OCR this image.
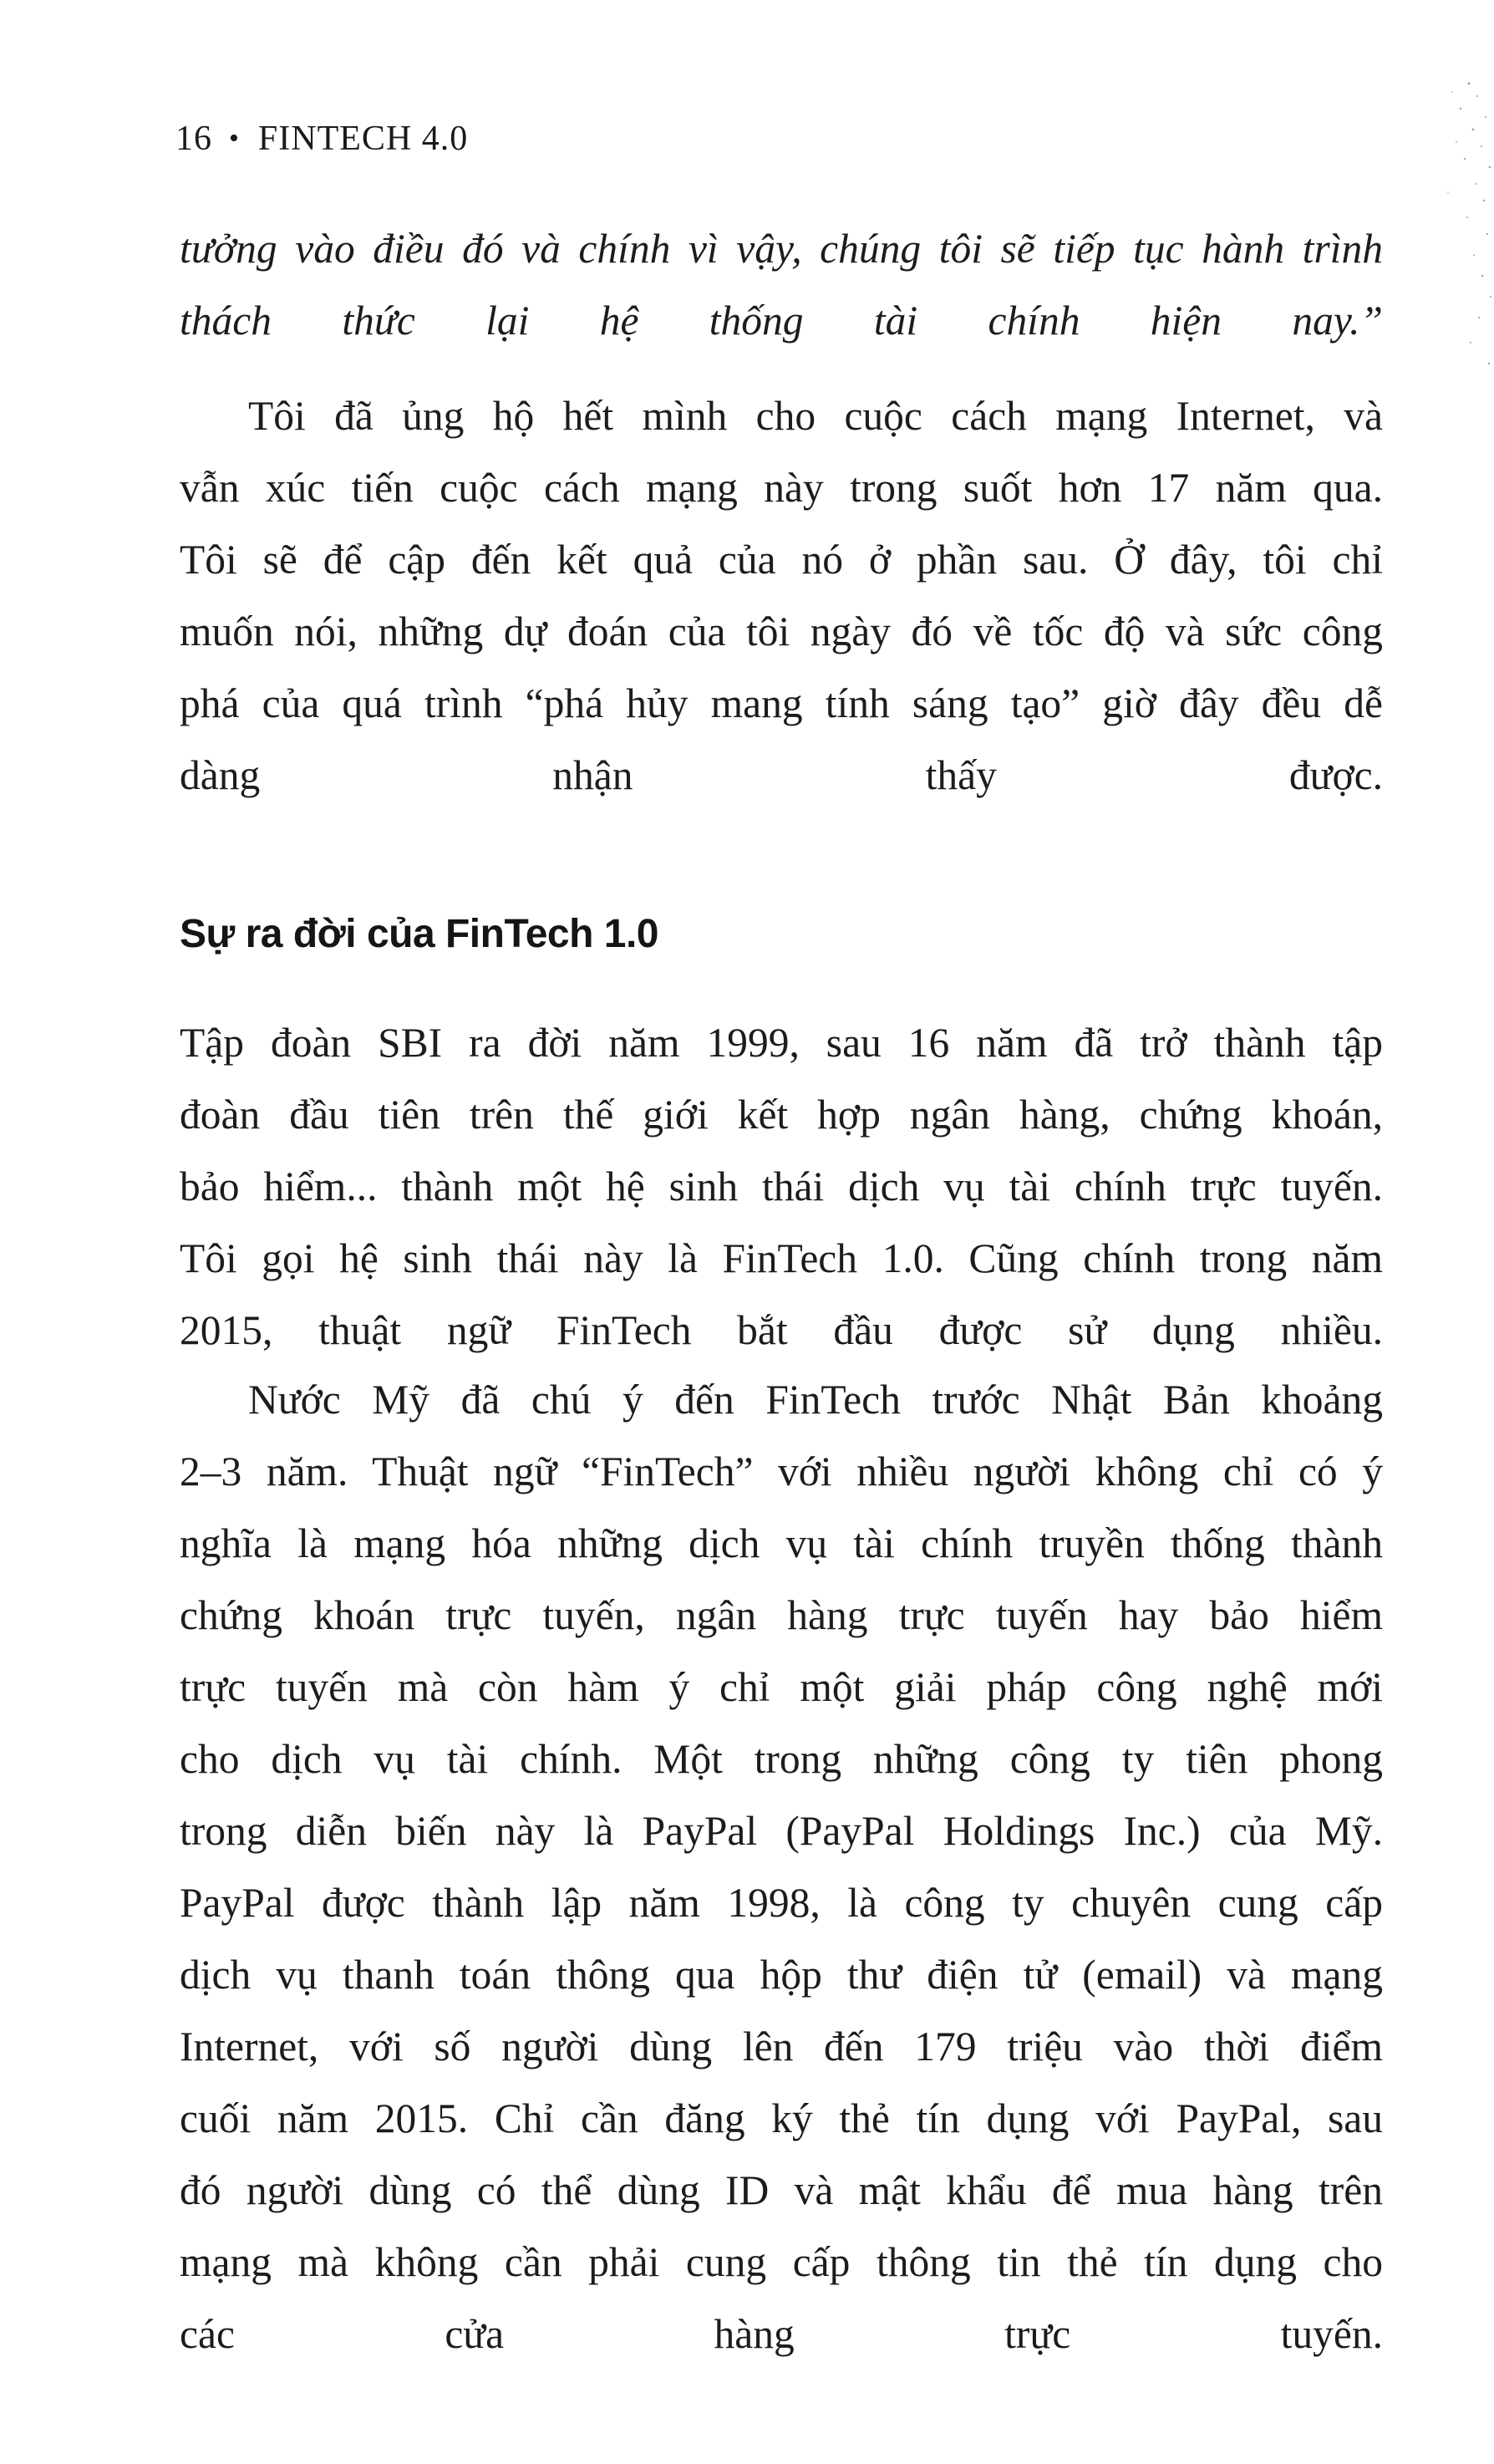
16 • FINTECH 4.0
tưởng vào điều đó và chính vì vậy, chúng tôi sẽ tiếp tục hành trình
thách thức lại hệ thống tài chính hiện nay.”
Tôi đã ủng hộ hết mình cho cuộc cách mạng Internet, và
vẫn xúc tiến cuộc cách mạng này trong suốt hơn 17 năm qua.
Tôi sẽ để cập đến kết quả của nó ở phần sau. Ở đây, tôi chỉ
muốn nói, những dự đoán của tôi ngày đó về tốc độ và sức công
phá của quá trình “phá hủy mang tính sáng tạo” giờ đây đều dễ
dàng nhận thấy được.
Sự ra đời của FinTech 1.0
Tập đoàn SBI ra đời năm 1999, sau 16 năm đã trở thành tập
đoàn đầu tiên trên thế giới kết hợp ngân hàng, chứng khoán,
bảo hiểm... thành một hệ sinh thái dịch vụ tài chính trực tuyến.
Tôi gọi hệ sinh thái này là FinTech 1.0. Cũng chính trong năm
2015, thuật ngữ FinTech bắt đầu được sử dụng nhiều.
Nước Mỹ đã chú ý đến FinTech trước Nhật Bản khoảng
2–3 năm. Thuật ngữ “FinTech” với nhiều người không chỉ có ý
nghĩa là mạng hóa những dịch vụ tài chính truyền thống thành
chứng khoán trực tuyến, ngân hàng trực tuyến hay bảo hiểm
trực tuyến mà còn hàm ý chỉ một giải pháp công nghệ mới
cho dịch vụ tài chính. Một trong những công ty tiên phong
trong diễn biến này là PayPal (PayPal Holdings Inc.) của Mỹ.
PayPal được thành lập năm 1998, là công ty chuyên cung cấp
dịch vụ thanh toán thông qua hộp thư điện tử (email) và mạng
Internet, với số người dùng lên đến 179 triệu vào thời điểm
cuối năm 2015. Chỉ cần đăng ký thẻ tín dụng với PayPal, sau
đó người dùng có thể dùng ID và mật khẩu để mua hàng trên
mạng mà không cần phải cung cấp thông tin thẻ tín dụng cho
các cửa hàng trực tuyến.
